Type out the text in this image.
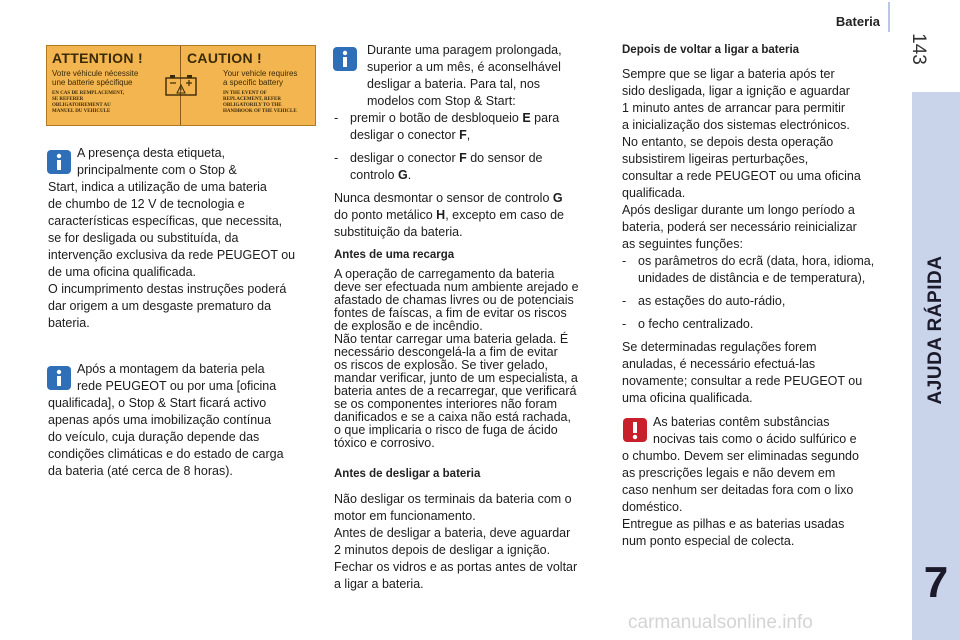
Bateria
143
AJUDA RÁPIDA
7
carmanualsonline.info
ATTENTION !
Votre véhicule nécessite
une batterie spécifique
EN CAS DE REMPLACEMENT,
SE REFERER
OBLIGATOIREMENT AU
MANUEL DU VEHICULE
CAUTION !
Your vehicle requires
a specific battery
IN THE EVENT OF
REPLACEMENT, REFER
OBLIGATORILY TO THE
HANDBOOK OF THE VEHICLE

A presença desta etiqueta,

principalmente com o Stop &

Start, indica a utilização de uma bateria

de chumbo de 12 V de tecnologia e

características específicas, que necessita,

se for desligada ou substituída, da

intervenção exclusiva da rede PEUGEOT ou

de uma oficina qualificada.

O incumprimento destas instruções poderá

dar origem a um desgaste prematuro da

bateria.

Após a montagem da bateria pela

rede PEUGEOT ou por uma [oficina

qualificada], o Stop & Start ficará activo

apenas após uma imobilização contínua

do veículo, cuja duração depende das

condições climáticas e do estado de carga

da bateria (até cerca de 8 horas).

Durante uma paragem prolongada,

superior a um mês, é aconselhável

desligar a bateria. Para tal, nos

modelos com Stop & Start:

- premir o botão de desbloqueio E para

desligar o conector F,

- desligar o conector F do sensor de

controlo G.

Nunca desmontar o sensor de controlo G

do ponto metálico H, excepto em caso de

substituição da bateria.

Antes de uma recarga

A operação de carregamento da bateria

deve ser efectuada num ambiente arejado e

afastado de chamas livres ou de potenciais

fontes de faíscas, a fim de evitar os riscos

de explosão e de incêndio.

Não tentar carregar uma bateria gelada. É

necessário descongelá-la a fim de evitar

os riscos de explosão. Se tiver gelado,

mandar verificar, junto de um especialista, a

bateria antes de a recarregar, que verificará

se os componentes interiores não foram

danificados e se a caixa não está rachada,

o que implicaria o risco de fuga de ácido

tóxico e corrosivo.

Antes de desligar a bateria

Não desligar os terminais da bateria com o

motor em funcionamento.

Antes de desligar a bateria, deve aguardar

2 minutos depois de desligar a ignição.

Fechar os vidros e as portas antes de voltar

a ligar a bateria.

Depois de voltar a ligar a bateria

Sempre que se ligar a bateria após ter

sido desligada, ligar a ignição e aguardar

1 minuto antes de arrancar para permitir

a inicialização dos sistemas electrónicos.

No entanto, se depois desta operação

subsistirem ligeiras perturbações,

consultar a rede PEUGEOT ou uma oficina

qualificada.

Após desligar durante um longo período a

bateria, poderá ser necessário reinicializar

as seguintes funções:

- os parâmetros do ecrã (data, hora, idioma,

unidades de distância e de temperatura),

- as estações do auto-rádio,

- o fecho centralizado.

Se determinadas regulações forem

anuladas, é necessário efectuá-las

novamente; consultar a rede PEUGEOT ou

uma oficina qualificada.

As baterias contêm substâncias

nocivas tais como o ácido sulfúrico e

o chumbo. Devem ser eliminadas segundo

as prescrições legais e não devem em

caso nenhum ser deitadas fora com o lixo

doméstico.

Entregue as pilhas e as baterias usadas

num ponto especial de colecta.
